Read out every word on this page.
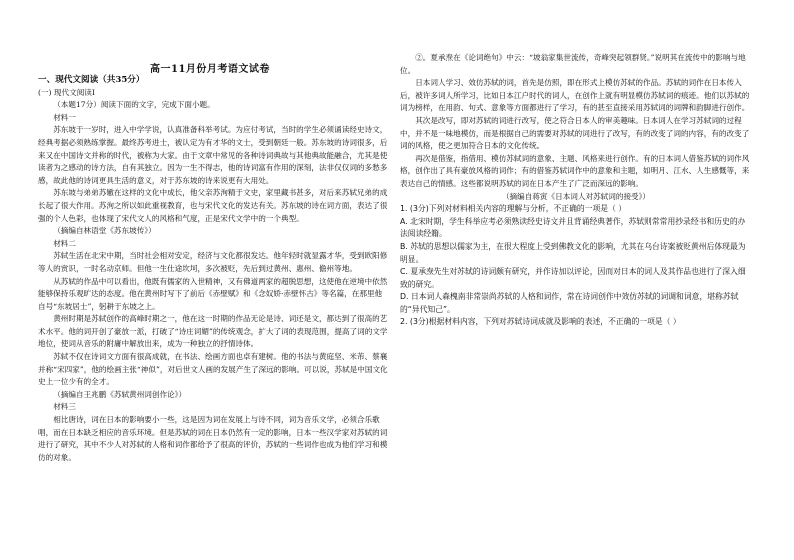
高一11月份月考语文试卷
一、现代文阅读（共35分）
(一) 现代文阅读Ⅰ

（本题17分）阅读下面的文字，完成下面小题。

材料一

苏东坡于一岁时，进入中学学说，认真准备科举考试。为应付考试，当时的学生必须诵读经史诗文，经典考据必须熟练掌握。最终苏考进士，被认定为有才华的文士，受到朝廷一般。苏东坡的诗词很多，后来又在中国诗文并称的时代，被称为大家。由于文章中常见的各种诗词典故与其他典故能融合，尤其是使读者为之感动的诗方法，自有其独立。因为一生不得志，他的诗词富有作用的深刻，法非仅仅词的多愁多感，故此他的诗词更具生活的意义，对于苏东坡的诗来说更有大用处。

苏东坡与弟弟苏辙在这样的文化中成长，他父亲苏洵精于文史，家里藏书甚多，对后来苏轼兄弟的成长起了很大作用。苏洵之所以如此重视教育，也与宋代文化的发达有关。苏东坡的诗在词方面，表达了很强的个人色彩，也体现了宋代文人的风格和气度，正是宋代文学中的一个典型。

（摘编自林语堂《苏东坡传》）

材料二

苏轼生活在北宋中期，当时社会相对安定，经济与文化都很发达。他年轻时就显露才华，受到欧阳修等人的赏识，一时名动京师。但他一生仕途坎坷，多次被贬，先后到过黄州、惠州、儋州等地。

从苏轼的作品中可以看出，他既有儒家的入世精神，又有佛道两家的超脱思想，这使他在逆境中依然能够保持乐观旷达的态度。他在黄州时写下了前后《赤壁赋》和《念奴娇·赤壁怀古》等名篇，在那里他自号“东坡居士”，躬耕于东坡之上。

黄州时期是苏轼创作的高峰时期之一，他在这一时期的作品无论是诗、词还是文，都达到了很高的艺术水平。他的词开创了豪放一派，打破了“诗庄词媚”的传统观念，扩大了词的表现范围，提高了词的文学地位，使词从音乐的附庸中解放出来，成为一种独立的抒情诗体。

苏轼不仅在诗词文方面有很高成就，在书法、绘画方面也卓有建树。他的书法与黄庭坚、米芾、蔡襄并称“宋四家”，他的绘画主张“神似”，对后世文人画的发展产生了深远的影响。可以说，苏轼是中国文化史上一位少有的全才。

（摘编自王兆鹏《苏轼黄州词创作论》）

材料三

相比唐诗，词在日本的影响要小一些，这是因为词在发展上与诗不同，词为音乐文学，必须合乐歌唱，而在日本缺乏相应的音乐环境。但是苏轼的词在日本仍然有一定的影响，日本一些汉学家对苏轼的词进行了研究，其中不少人对苏轼的人格和词作都给予了很高的评价，苏轼的一些词作也成为他们学习和模仿的对象。

②。夏承焘在《论词绝句》中云：“坡翁家集世流传，奇峰突起领群贤。”说明其在流传中的影响与地位。

日本词人学习、效仿苏轼的词，首先是仿照，即在形式上模仿苏轼的作品。苏轼的词作在日本传入后，被许多词人所学习，比如日本江户时代的词人，在创作上就有明显模仿苏轼词的痕迹。他们以苏轼的词为榜样，在用韵、句式、意象等方面都进行了学习，有的甚至直接采用苏轼词的词牌和韵脚进行创作。

其次是改写，即对苏轼的词进行改写，使之符合日本人的审美趣味。日本词人在学习苏轼词的过程中，并不是一味地模仿，而是根据自己的需要对苏轼的词进行了改写，有的改变了词的内容，有的改变了词的风格，使之更加符合日本的文化传统。

再次是借鉴，指借用、模仿苏轼词的意象、主题、风格来进行创作。有的日本词人借鉴苏轼的词作风格，创作出了具有豪放风格的词作；有的借鉴苏轼词作中的意象和主题，如明月、江水、人生感慨等，来表达自己的情感。这些都说明苏轼的词在日本产生了广泛而深远的影响。

（摘编自蒋寅《日本词人对苏轼词的接受》）

1. (3分)下列对材料相关内容的理解与分析，不正确的一项是（ ）
A. 北宋时期，学生科举应考必须熟读经史诗文并且背诵经典著作，苏轼则常常用抄录经书和历史的办法阅读经籍。
B. 苏轼的思想以儒家为主，在很大程度上受到佛教文化的影响，尤其在乌台诗案被贬黄州后体现最为明显。
C. 夏承焘先生对苏轼的诗词颇有研究，并作诗加以评论，因而对日本的词人及其作品也进行了深入细致的研究。
D. 日本词人森槐南非常崇尚苏轼的人格和词作，常在诗词创作中效仿苏轼的词调和词意，堪称苏轼的“异代知己”。
2. (3分)根据材料内容，下列对苏轼诗词成就及影响的表述，不正确的一项是（ ）
